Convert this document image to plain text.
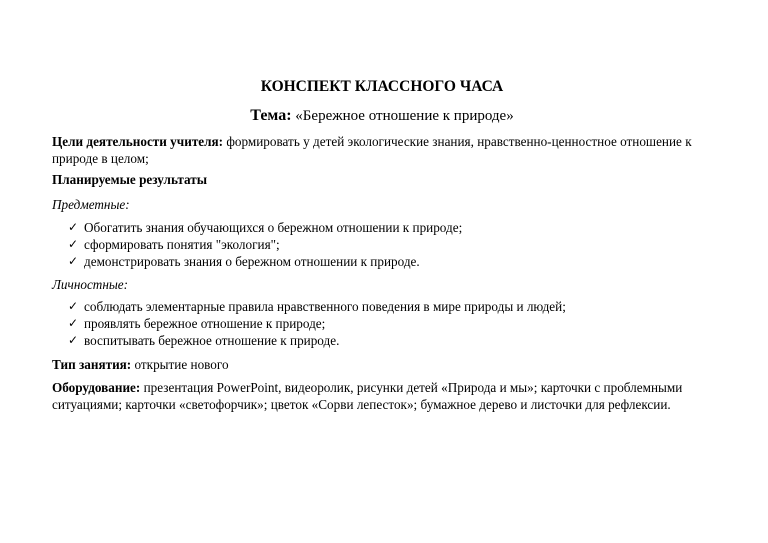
КОНСПЕКТ КЛАССНОГО ЧАСА
Тема: «Бережное отношение к природе»
Цели деятельности учителя: формировать у детей экологические знания, нравственно-ценностное отношение к природе в целом;
Планируемые результаты
Предметные:
✓ Обогатить знания обучающихся о бережном отношении к природе;
✓ сформировать понятия "экология";
✓ демонстрировать знания о бережном отношении к природе.
Личностные:
✓ соблюдать элементарные правила нравственного поведения в мире природы и людей;
✓ проявлять бережное отношение к природе;
✓ воспитывать бережное отношение к природе.
Тип занятия: открытие нового
Оборудование: презентация PowerPoint, видеоролик, рисунки детей «Природа и мы»; карточки с проблемными ситуациями; карточки «светофорчик»; цветок «Сорви лепесток»; бумажное дерево и листочки для рефлексии.
